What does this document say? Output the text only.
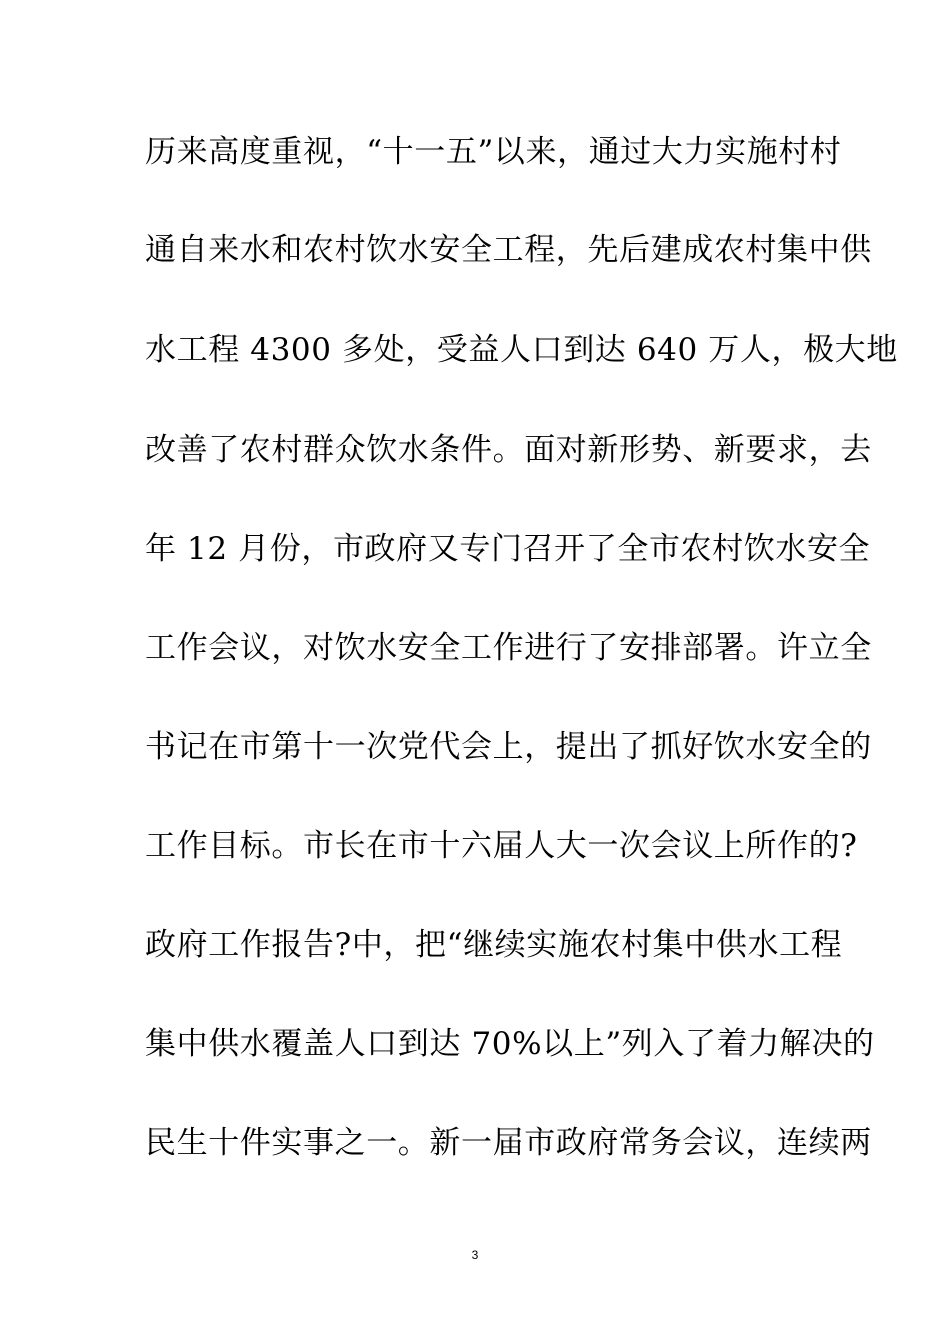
历来高度重视，“十一五”以来，通过大力实施村村
通自来水和农村饮水安全工程，先后建成农村集中供
水工程 4300 多处，受益人口到达 640 万人，极大地
改善了农村群众饮水条件。面对新形势、新要求，去
年 12 月份，市政府又专门召开了全市农村饮水安全
工作会议，对饮水安全工作进行了安排部署。许立全
书记在市第十一次党代会上，提出了抓好饮水安全的
工作目标。市长在市十六届人大一次会议上所作的?
政府工作报告?中，把“继续实施农村集中供水工程
集中供水覆盖人口到达 70%以上”列入了着力解决的
民生十件实事之一。新一届市政府常务会议，连续两
3
